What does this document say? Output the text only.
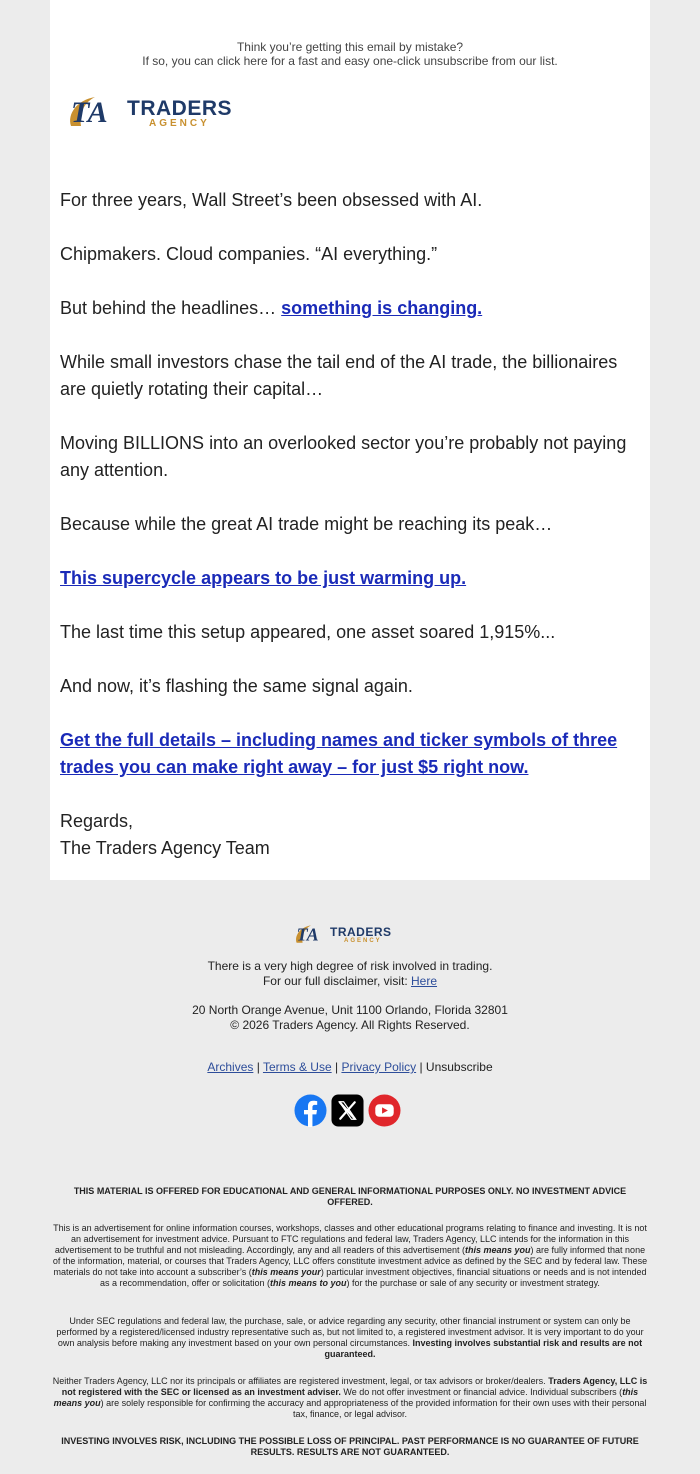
Think you’re getting this email by mistake?
If so, you can click here for a fast and easy one-click unsubscribe from our list.
TA TRADERS
AGENCY

For three years, Wall Street’s been obsessed with AI.

Chipmakers. Cloud companies. “AI everything.”

But behind the headlines… something is changing.

While small investors chase the tail end of the AI trade, the billionaires are quietly rotating their capital…

Moving BILLIONS into an overlooked sector you’re probably not paying any attention.

Because while the great AI trade might be reaching its peak…

This supercycle appears to be just warming up.

The last time this setup appeared, one asset soared 1,915%...

And now, it’s flashing the same signal again.

Get the full details – including names and ticker symbols of three trades you can make right away – for just $5 right now.

Regards,

The Traders Agency Team

TA TRADERS
AGENCY
There is a very high degree of risk involved in trading.
For our full disclaimer, visit: Here
20 North Orange Avenue, Unit 1100 Orlando, Florida 32801
© 2026 Traders Agency. All Rights Reserved.
Archives | Terms & Use | Privacy Policy | Unsubscribe
THIS MATERIAL IS OFFERED FOR EDUCATIONAL AND GENERAL INFORMATIONAL PURPOSES ONLY. NO INVESTMENT ADVICE OFFERED.

This is an advertisement for online information courses, workshops, classes and other educational programs relating to finance and investing. It is not an advertisement for investment advice. Pursuant to FTC regulations and federal law, Traders Agency, LLC intends for the information in this advertisement to be truthful and not misleading. Accordingly, any and all readers of this advertisement (this means you) are fully informed that none of the information, material, or courses that Traders Agency, LLC offers constitute investment advice as defined by the SEC and by federal law. These materials do not take into account a subscriber’s (this means your) particular investment objectives, financial situations or needs and is not intended as a recommendation, offer or solicitation (this means to you) for the purchase or sale of any security or investment strategy.

Under SEC regulations and federal law, the purchase, sale, or advice regarding any security, other financial instrument or system can only be performed by a registered/licensed industry representative such as, but not limited to, a registered investment advisor. It is very important to do your own analysis before making any investment based on your own personal circumstances. Investing involves substantial risk and results are not guaranteed.

Neither Traders Agency, LLC nor its principals or affiliates are registered investment, legal, or tax advisors or broker/dealers. Traders Agency, LLC is not registered with the SEC or licensed as an investment adviser. We do not offer investment or financial advice. Individual subscribers (this means you) are solely responsible for confirming the accuracy and appropriateness of the provided information for their own uses with their personal tax, finance, or legal advisor.

INVESTING INVOLVES RISK, INCLUDING THE POSSIBLE LOSS OF PRINCIPAL. PAST PERFORMANCE IS NO GUARANTEE OF FUTURE RESULTS. RESULTS ARE NOT GUARANTEED.
